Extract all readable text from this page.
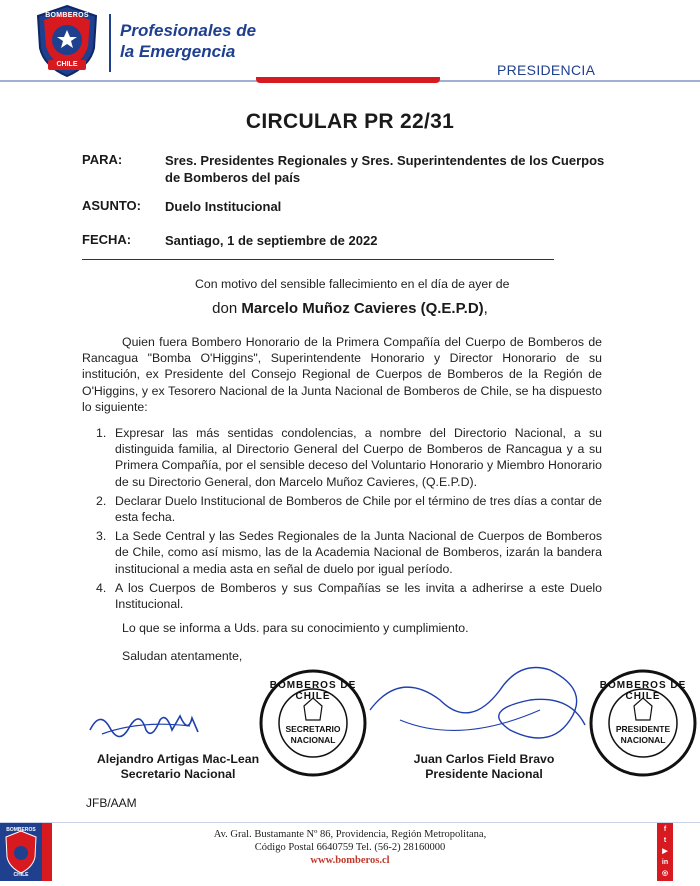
BOMBEROS
CHILE
Profesionales de
la Emergencia
PRESIDENCIA
CIRCULAR PR 22/31
PARA:	Sres. Presidentes Regionales y Sres. Superintendentes de los Cuerpos de Bomberos del país
ASUNTO: Duelo Institucional
FECHA:	Santiago, 1 de septiembre de 2022
Con motivo del sensible fallecimiento en el día de ayer de
don Marcelo Muñoz Cavieres (Q.E.P.D),
Quien fuera Bombero Honorario de la Primera Compañía del Cuerpo de Bomberos de Rancagua "Bomba O'Higgins", Superintendente Honorario y Director Honorario de su institución, ex Presidente del Consejo Regional de Cuerpos de Bomberos de la Región de O'Higgins, y ex Tesorero Nacional de la Junta Nacional de Bomberos de Chile, se ha dispuesto lo siguiente:
1. Expresar las más sentidas condolencias, a nombre del Directorio Nacional, a su distinguida familia, al Directorio General del Cuerpo de Bomberos de Rancagua y a su Primera Compañía, por el sensible deceso del Voluntario Honorario y Miembro Honorario de su Directorio General, don Marcelo Muñoz Cavieres, (Q.E.P.D).
2. Declarar Duelo Institucional de Bomberos de Chile por el término de tres días a contar de esta fecha.
3. La Sede Central y las Sedes Regionales de la Junta Nacional de Cuerpos de Bomberos de Chile, como así mismo, las de la Academia Nacional de Bomberos, izarán la bandera institucional a media asta en señal de duelo por igual período.
4. A los Cuerpos de Bomberos y sus Compañías se les invita a adherirse a este Duelo Institucional.
Lo que se informa a Uds. para su conocimiento y cumplimiento.
Saludan atentamente,
BOMBEROS DE CHILE
SECRETARIO
NACIONAL
BOMBEROS DE CHILE
PRESIDENTE
NACIONAL
Alejandro Artigas Mac-Lean
Secretario Nacional
Juan Carlos Field Bravo
Presidente Nacional
JFB/AAM
BOMBEROS
CHILE
Av. Gral. Bustamante Nº 86, Providencia, Región Metropolitana,
Código Postal 6640759 Tel. (56-2) 28160000
www.bomberos.cl
f
t
▶
in
◎
